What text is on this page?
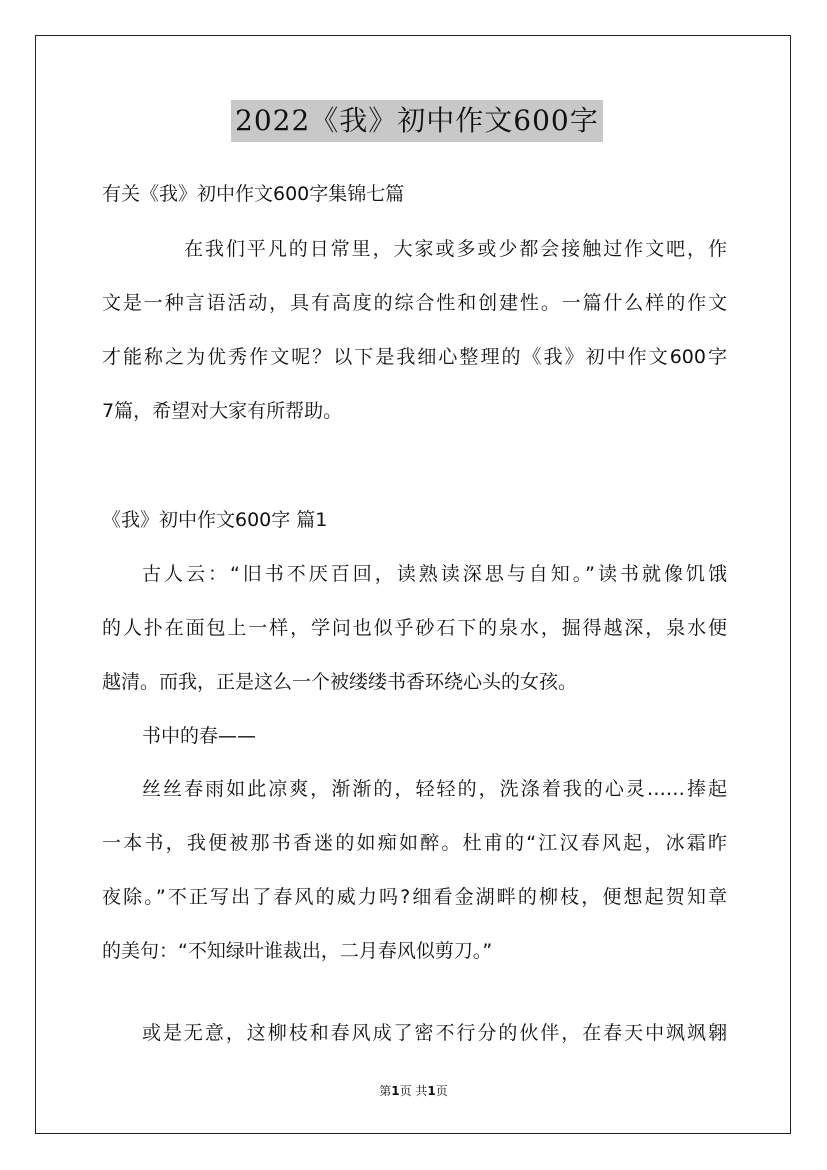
2022《我》初中作文600字
有关《我》初中作文600字集锦七篇
在我们平凡的日常里，大家或多或少都会接触过作文吧，作
文是一种言语活动，具有高度的综合性和创建性。一篇什么样的作文
才能称之为优秀作文呢？以下是我细心整理的《我》初中作文600字
7篇，希望对大家有所帮助。
《我》初中作文600字 篇1
古人云：“旧书不厌百回，读熟读深思与自知。”读书就像饥饿
的人扑在面包上一样，学问也似乎砂石下的泉水，掘得越深，泉水便
越清。而我，正是这么一个被缕缕书香环绕心头的女孩。
书中的春——
丝丝春雨如此凉爽，渐渐的，轻轻的，洗涤着我的心灵……捧起
一本书，我便被那书香迷的如痴如醉。杜甫的“江汉春风起，冰霜昨
夜除。”不正写出了春风的威力吗?细看金湖畔的柳枝，便想起贺知章
的美句：“不知绿叶谁裁出，二月春风似剪刀。”
或是无意，这柳枝和春风成了密不行分的伙伴，在春天中飒飒翱
第1页 共1页
